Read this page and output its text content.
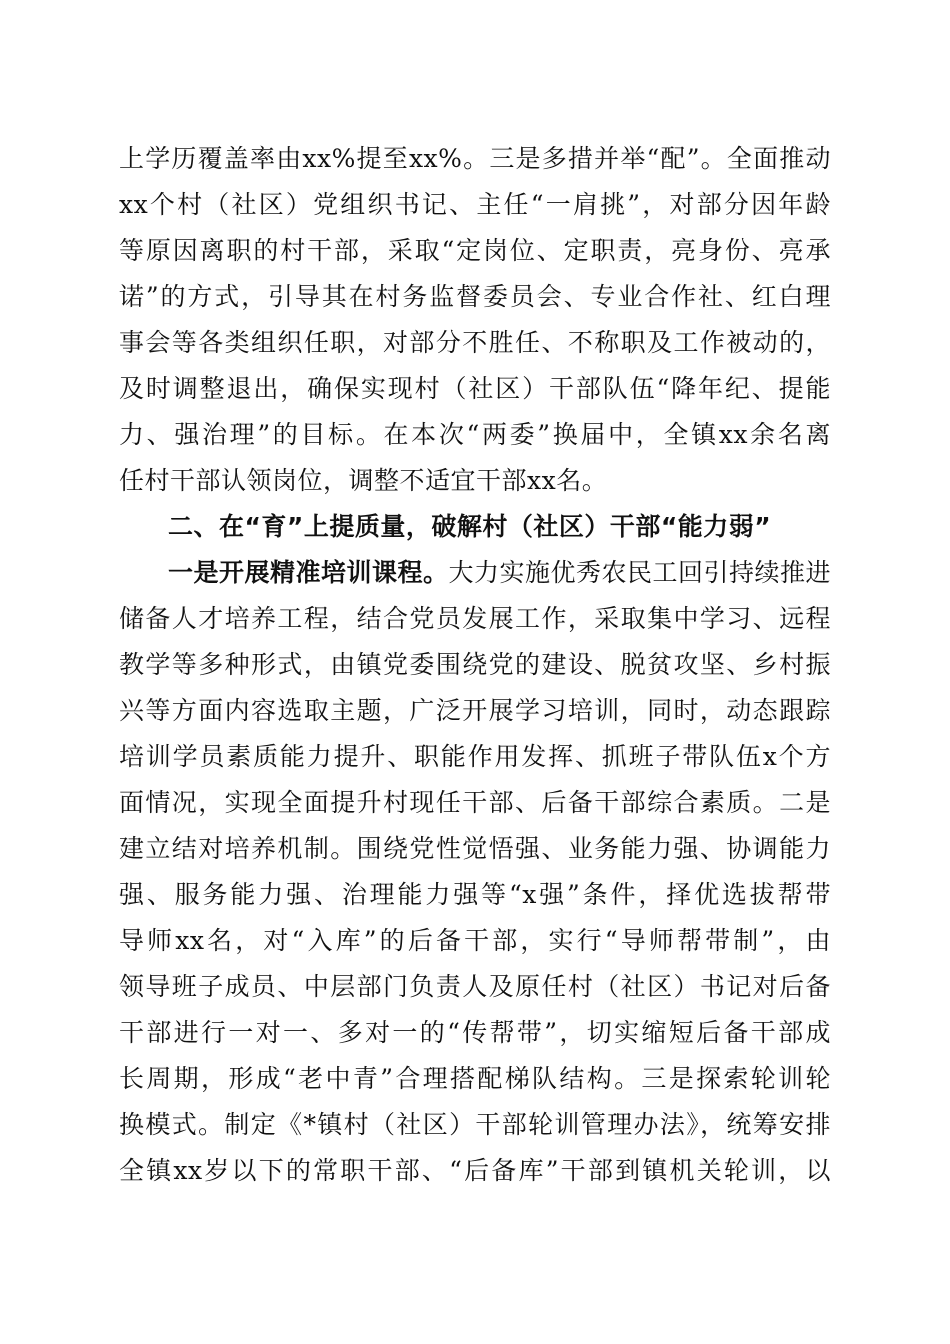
上学历覆盖率由xx%提至xx%。三是多措并举“配”。全面推动
xx个村（社区）党组织书记、主任“一肩挑”，对部分因年龄
等原因离职的村干部，采取“定岗位、定职责，亮身份、亮承
诺”的方式，引导其在村务监督委员会、专业合作社、红白理
事会等各类组织任职，对部分不胜任、不称职及工作被动的，
及时调整退出，确保实现村（社区）干部队伍“降年纪、提能
力、强治理”的目标。在本次“两委”换届中，全镇xx余名离
任村干部认领岗位，调整不适宜干部xx名。
二、在“育”上提质量，破解村（社区）干部“能力弱”
一是开展精准培训课程。大力实施优秀农民工回引持续推进
储备人才培养工程，结合党员发展工作，采取集中学习、远程
教学等多种形式，由镇党委围绕党的建设、脱贫攻坚、乡村振
兴等方面内容选取主题，广泛开展学习培训，同时，动态跟踪
培训学员素质能力提升、职能作用发挥、抓班子带队伍x个方
面情况，实现全面提升村现任干部、后备干部综合素质。二是
建立结对培养机制。围绕党性觉悟强、业务能力强、协调能力
强、服务能力强、治理能力强等“x强”条件，择优选拔帮带
导师xx名，对“入库”的后备干部，实行“导师帮带制”，由
领导班子成员、中层部门负责人及原任村（社区）书记对后备
干部进行一对一、多对一的“传帮带”，切实缩短后备干部成
长周期，形成“老中青”合理搭配梯队结构。三是探索轮训轮
换模式。制定《*镇村（社区）干部轮训管理办法》，统筹安排
全镇xx岁以下的常职干部、“后备库”干部到镇机关轮训，以
